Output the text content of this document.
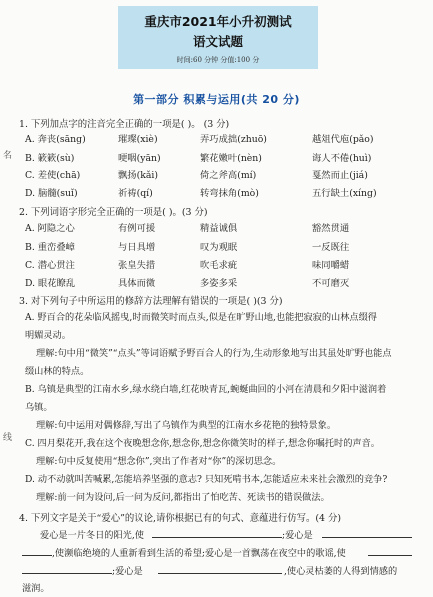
名
线
重庆市2021年小升初测试
语文试题
时间:60 分钟 分值:100 分
第一部分 积累与运用(共 20 分)
1. 下列加点字的注音完全正确的一项是( )。 (3 分)
A. 奔丧(sāng)	璀璨(xiè)	弄巧成拙(zhuō)	越俎代庖(pǎo)
B. 簌簌(sù)	哽咽(yān)	繁花嫩叶(nèn)	诲人不倦(huì)
C. 差使(chā)	飘扬(kǎi)	倚之斧高(mí)	戛然而止(jiá)
D. 脑髓(suǐ)	祈祷(qí)	转弯抹角(mò)	五行缺土(xíng)
2. 下列词语字形完全正确的一项是( )。(3 分)
A. 阿隐之心	有例可援	精益诚俱	豁然贯通
B. 重峦叠嶂	与日具增	叹为观眠	一反既往
C. 潜心贯注	张皇失措	吹毛求疵	味同嚼蜡
D. 眼花瞭乱	具体而微	多姿多采	不可磨灭
3. 对下列句子中所运用的修辞方法理解有错误的一项是( )(3 分)
A. 野百合的花朵临风摇曳,时而微笑时而点头,似是在旷野山地,也能把寂寂的山林点缀得
明媚灵动。
理解:句中用“微笑”“点头”等词语赋予野百合人的行为,生动形象地写出其虽处旷野也能点
缀山林的特点。
B. 乌镇是典型的江南水乡,绿水绕白墙,红花映青瓦,蜿蜒曲回的小河在清晨和夕阳中滋润着
乌镇。
理解:句中运用对偶修辞,写出了乌镇作为典型的江南水乡花艳的独特景象。
C. 四月梨花开,我在这个夜晚想念你,想念你,想念你微笑时的样子,想念你嘱托时的声音。
理解:句中反复使用“想念你”,突出了作者对“你”的深切思念。
D. 动不动就叫苦喊累,怎能培养坚强的意志? 只知死啃书本,怎能适应未来社会激烈的竞争?
理解:前一问为设问,后一问为反问,都指出了怕吃苦、死读书的错误做法。
4. 下列文字是关于“爱心”的议论,请你根据已有的句式、意蕴进行仿写。(4 分)
爱心是一片冬日的阳光,使	;爱心是
,使濒临绝境的人重新看到生活的希望;爱心是一首飘荡在夜空中的歌谣,使
;爱心是	,使心灵枯萎的人得到情感的
滋润。
